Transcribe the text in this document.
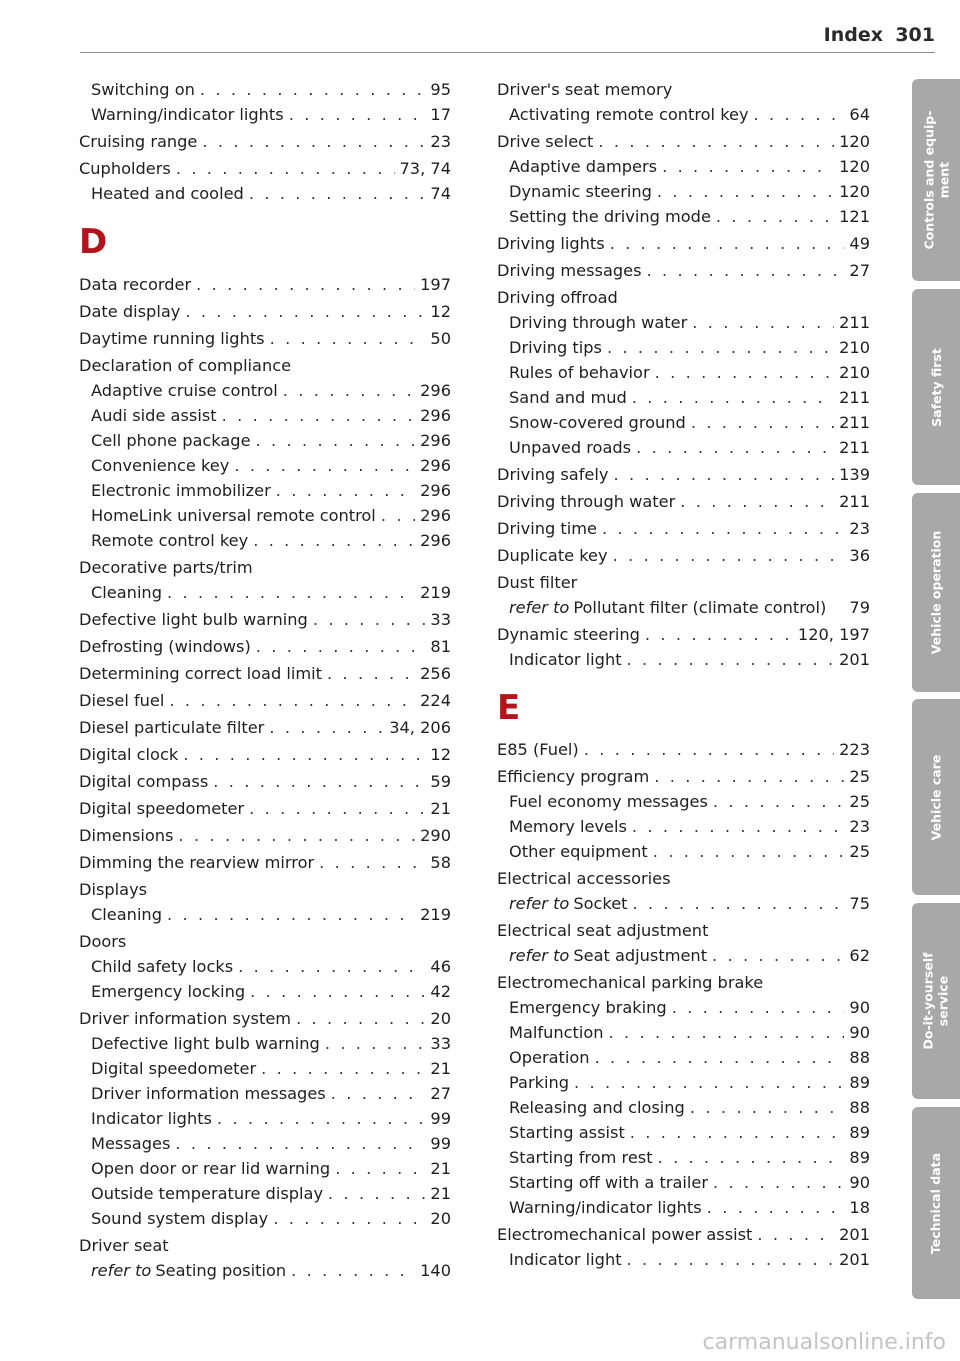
Index 301
Switching on . . .	95
Warning/indicator lights . . .	17
Cruising range . . .	23
Cupholders . . .	73, 74
Heated and cooled . . .	74
D
Data recorder . . .	197
Date display . . .	12
Daytime running lights . . .	50
Declaration of compliance
Adaptive cruise control . . .	296
Audi side assist . . .	296
Cell phone package . . .	296
Convenience key . . .	296
Electronic immobilizer . . .	296
HomeLink universal remote control . . .	296
Remote control key . . .	296
Decorative parts/trim
Cleaning . . .	219
Defective light bulb warning . . .	33
Defrosting (windows) . . .	81
Determining correct load limit . . .	256
Diesel fuel . . .	224
Diesel particulate filter . . .	34, 206
Digital clock . . .	12
Digital compass . . .	59
Digital speedometer . . .	21
Dimensions . . .	290
Dimming the rearview mirror . . .	58
Displays
Cleaning . . .	219
Doors
Child safety locks . . .	46
Emergency locking . . .	42
Driver information system . . .	20
Defective light bulb warning . . .	33
Digital speedometer . . .	21
Driver information messages . . .	27
Indicator lights . . .	99
Messages . . .	99
Open door or rear lid warning . . .	21
Outside temperature display . . .	21
Sound system display . . .	20
Driver seat
refer to Seating position . . .	140
Driver's seat memory
Activating remote control key . . .	64
Drive select . . .	120
Adaptive dampers . . .	120
Dynamic steering . . .	120
Setting the driving mode . . .	121
Driving lights . . .	49
Driving messages . . .	27
Driving offroad
Driving through water . . .	211
Driving tips . . .	210
Rules of behavior . . .	210
Sand and mud . . .	211
Snow-covered ground . . .	211
Unpaved roads . . .	211
Driving safely . . .	139
Driving through water . . .	211
Driving time . . .	23
Duplicate key . . .	36
Dust filter
refer to Pollutant filter (climate control) 79
Dynamic steering . . .	120, 197
Indicator light . . .	201
E
E85 (Fuel) . . .	223
Efficiency program . . .	25
Fuel economy messages . . .	25
Memory levels . . .	23
Other equipment . . .	25
Electrical accessories
refer to Socket . . .	75
Electrical seat adjustment
refer to Seat adjustment . . .	62
Electromechanical parking brake
Emergency braking . . .	90
Malfunction . . .	90
Operation . . .	88
Parking . . .	89
Releasing and closing . . .	88
Starting assist . . .	89
Starting from rest . . .	89
Starting off with a trailer . . .	90
Warning/indicator lights . . .	18
Electromechanical power assist . . .	201
Indicator light . . .	201
Controls and equip-
ment
Safety first
Vehicle operation
Vehicle care
Do-it-yourself
service
Technical data
carmanualsonline.info
